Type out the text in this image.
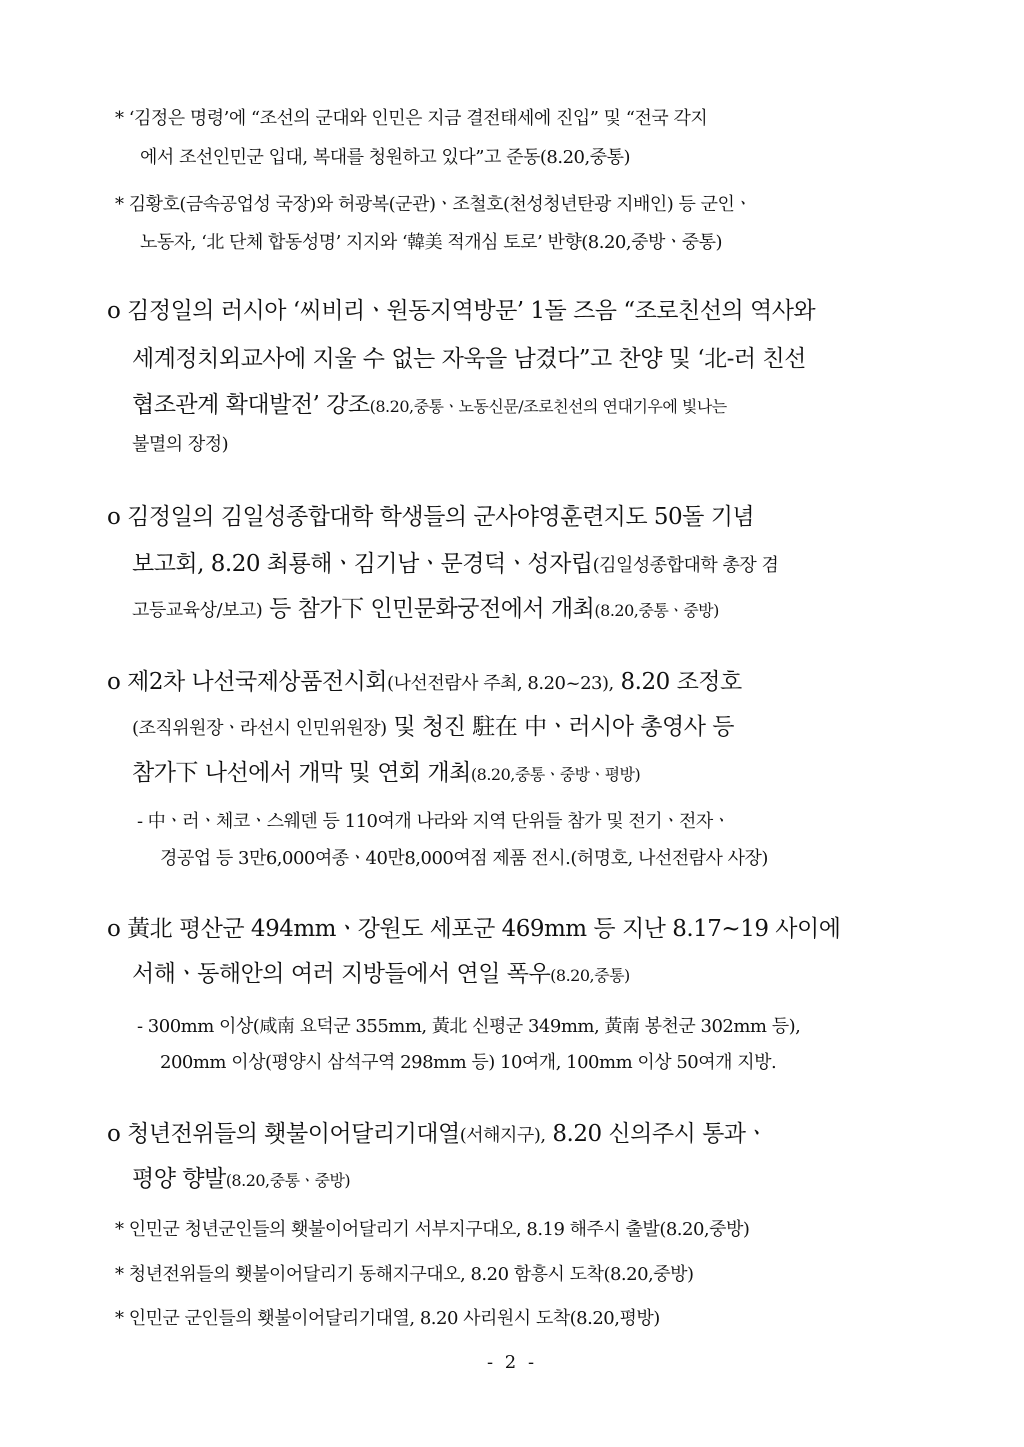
* ‘김정은 명령’에 “조선의 군대와 인민은 지금 결전태세에 진입” 및 “전국 각지
에서 조선인민군 입대, 복대를 청원하고 있다”고 준동(8.20,중통)
* 김황호(금속공업성 국장)와 허광복(군관)ㆍ조철호(천성청년탄광 지배인) 등 군인ㆍ
노동자, ‘北 단체 합동성명’ 지지와 ‘韓美 적개심 토로’ 반향(8.20,중방ㆍ중통)
o 김정일의 러시아 ‘씨비리ㆍ원동지역방문’ 1돌 즈음 “조로친선의 역사와
세계정치외교사에 지울 수 없는 자욱을 남겼다”고 찬양 및 ‘北-러 친선
협조관계 확대발전’ 강조(8.20,중통ㆍ노동신문/조로친선의 연대기우에 빛나는
불멸의 장정)
o 김정일의 김일성종합대학 학생들의 군사야영훈련지도 50돌 기념
보고회, 8.20 최룡해ㆍ김기남ㆍ문경덕ㆍ성자립(김일성종합대학 총장 겸
고등교육상/보고) 등 참가下 인민문화궁전에서 개최(8.20,중통ㆍ중방)
o 제2차 나선국제상품전시회(나선전람사 주최, 8.20~23), 8.20 조정호
(조직위원장ㆍ라선시 인민위원장) 및 청진 駐在 中ㆍ러시아 총영사 등
참가下 나선에서 개막 및 연회 개최(8.20,중통ㆍ중방ㆍ평방)
- 中ㆍ러ㆍ체코ㆍ스웨덴 등 110여개 나라와 지역 단위들 참가 및 전기ㆍ전자ㆍ
경공업 등 3만6,000여종ㆍ40만8,000여점 제품 전시.(허명호, 나선전람사 사장)
o 黃北 평산군 494mmㆍ강원도 세포군 469mm 등 지난 8.17~19 사이에
서해ㆍ동해안의 여러 지방들에서 연일 폭우(8.20,중통)
- 300mm 이상(咸南 요덕군 355mm, 黃北 신평군 349mm, 黃南 봉천군 302mm 등),
200mm 이상(평양시 삼석구역 298mm 등) 10여개, 100mm 이상 50여개 지방.
o 청년전위들의 횃불이어달리기대열(서해지구), 8.20 신의주시 통과ㆍ
평양 향발(8.20,중통ㆍ중방)
* 인민군 청년군인들의 횃불이어달리기 서부지구대오, 8.19 해주시 출발(8.20,중방)
* 청년전위들의 횃불이어달리기 동해지구대오, 8.20 함흥시 도착(8.20,중방)
* 인민군 군인들의 횃불이어달리기대열, 8.20 사리원시 도착(8.20,평방)
- 2 -
